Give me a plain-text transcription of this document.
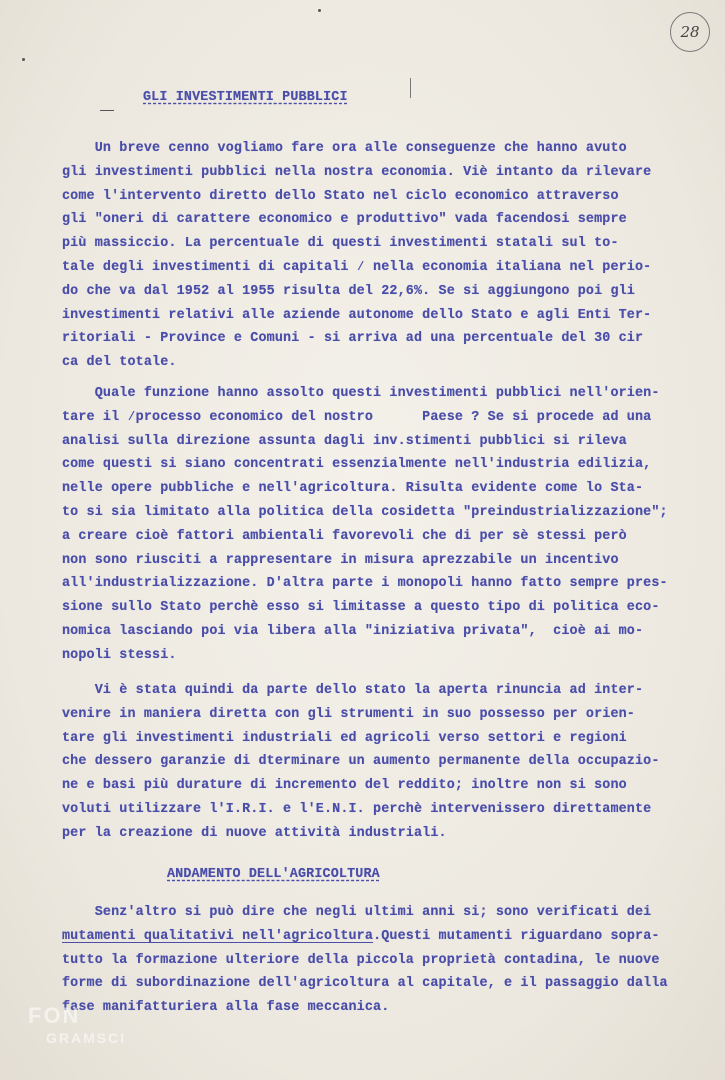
28
GLI INVESTIMENTI PUBBLICI
Un breve cenno vogliamo fare ora alle conseguenze che hanno avuto
gli investimenti pubblici nella nostra economia. Viè intanto da rilevare
come l'intervento diretto dello Stato nel ciclo economico attraverso
gli "oneri di carattere economico e produttivo" vada facendosi sempre
più massiccio. La percentuale di questi investimenti statali sul to-
tale degli investimenti di capitali ∕ nella economia italiana nel perio-
do che va dal 1952 al 1955 risulta del 22,6%. Se si aggiungono poi gli
investimenti relativi alle aziende autonome dello Stato e agli Enti Ter-
ritoriali - Province e Comuni - si arriva ad una percentuale del 30 cir
ca del totale.
Quale funzione hanno assolto questi investimenti pubblici nell'orien-
tare il ∕processo economico del nostro      Paese ? Se si procede ad una
analisi sulla direzione assunta dagli inv.stimenti pubblici si rileva
come questi si siano concentrati essenzialmente nell'industria edilizia,
nelle opere pubbliche e nell'agricoltura. Risulta evidente come lo Sta-
to si sia limitato alla politica della cosidetta "preindustrializzazione";
a creare cioè fattori ambientali favorevoli che di per sè stessi però
non sono riusciti a rappresentare in misura aprezzabile un incentivo
all'industrializzazione. D'altra parte i monopoli hanno fatto sempre pres-
sione sullo Stato perchè esso si limitasse a questo tipo di politica eco-
nomica lasciando poi via libera alla "iniziativa privata",  cioè ai mo-
nopoli stessi.
Vi è stata quindi da parte dello stato la aperta rinuncia ad inter-
venire in maniera diretta con gli strumenti in suo possesso per orien-
tare gli investimenti industriali ed agricoli verso settori e regioni
che dessero garanzie di dterminare un aumento permanente della occupazio-
ne e basi più durature di incremento del reddito; inoltre non si sono
voluti utilizzare l'I.R.I. e l'E.N.I. perchè intervenissero direttamente
per la creazione di nuove attività industriali.
ANDAMENTO DELL'AGRICOLTURA
Senz'altro si può dire che negli ultimi anni si; sono verificati dei
mutamenti qualitativi nell'agricoltura.Questi mutamenti riguardano sopra-
tutto la formazione ulteriore della piccola proprietà contadina, le nuove
forme di subordinazione dell'agricoltura al capitale, e il passaggio dalla
fase manifatturiera alla fase meccanica.
FON
GRAMSCI
